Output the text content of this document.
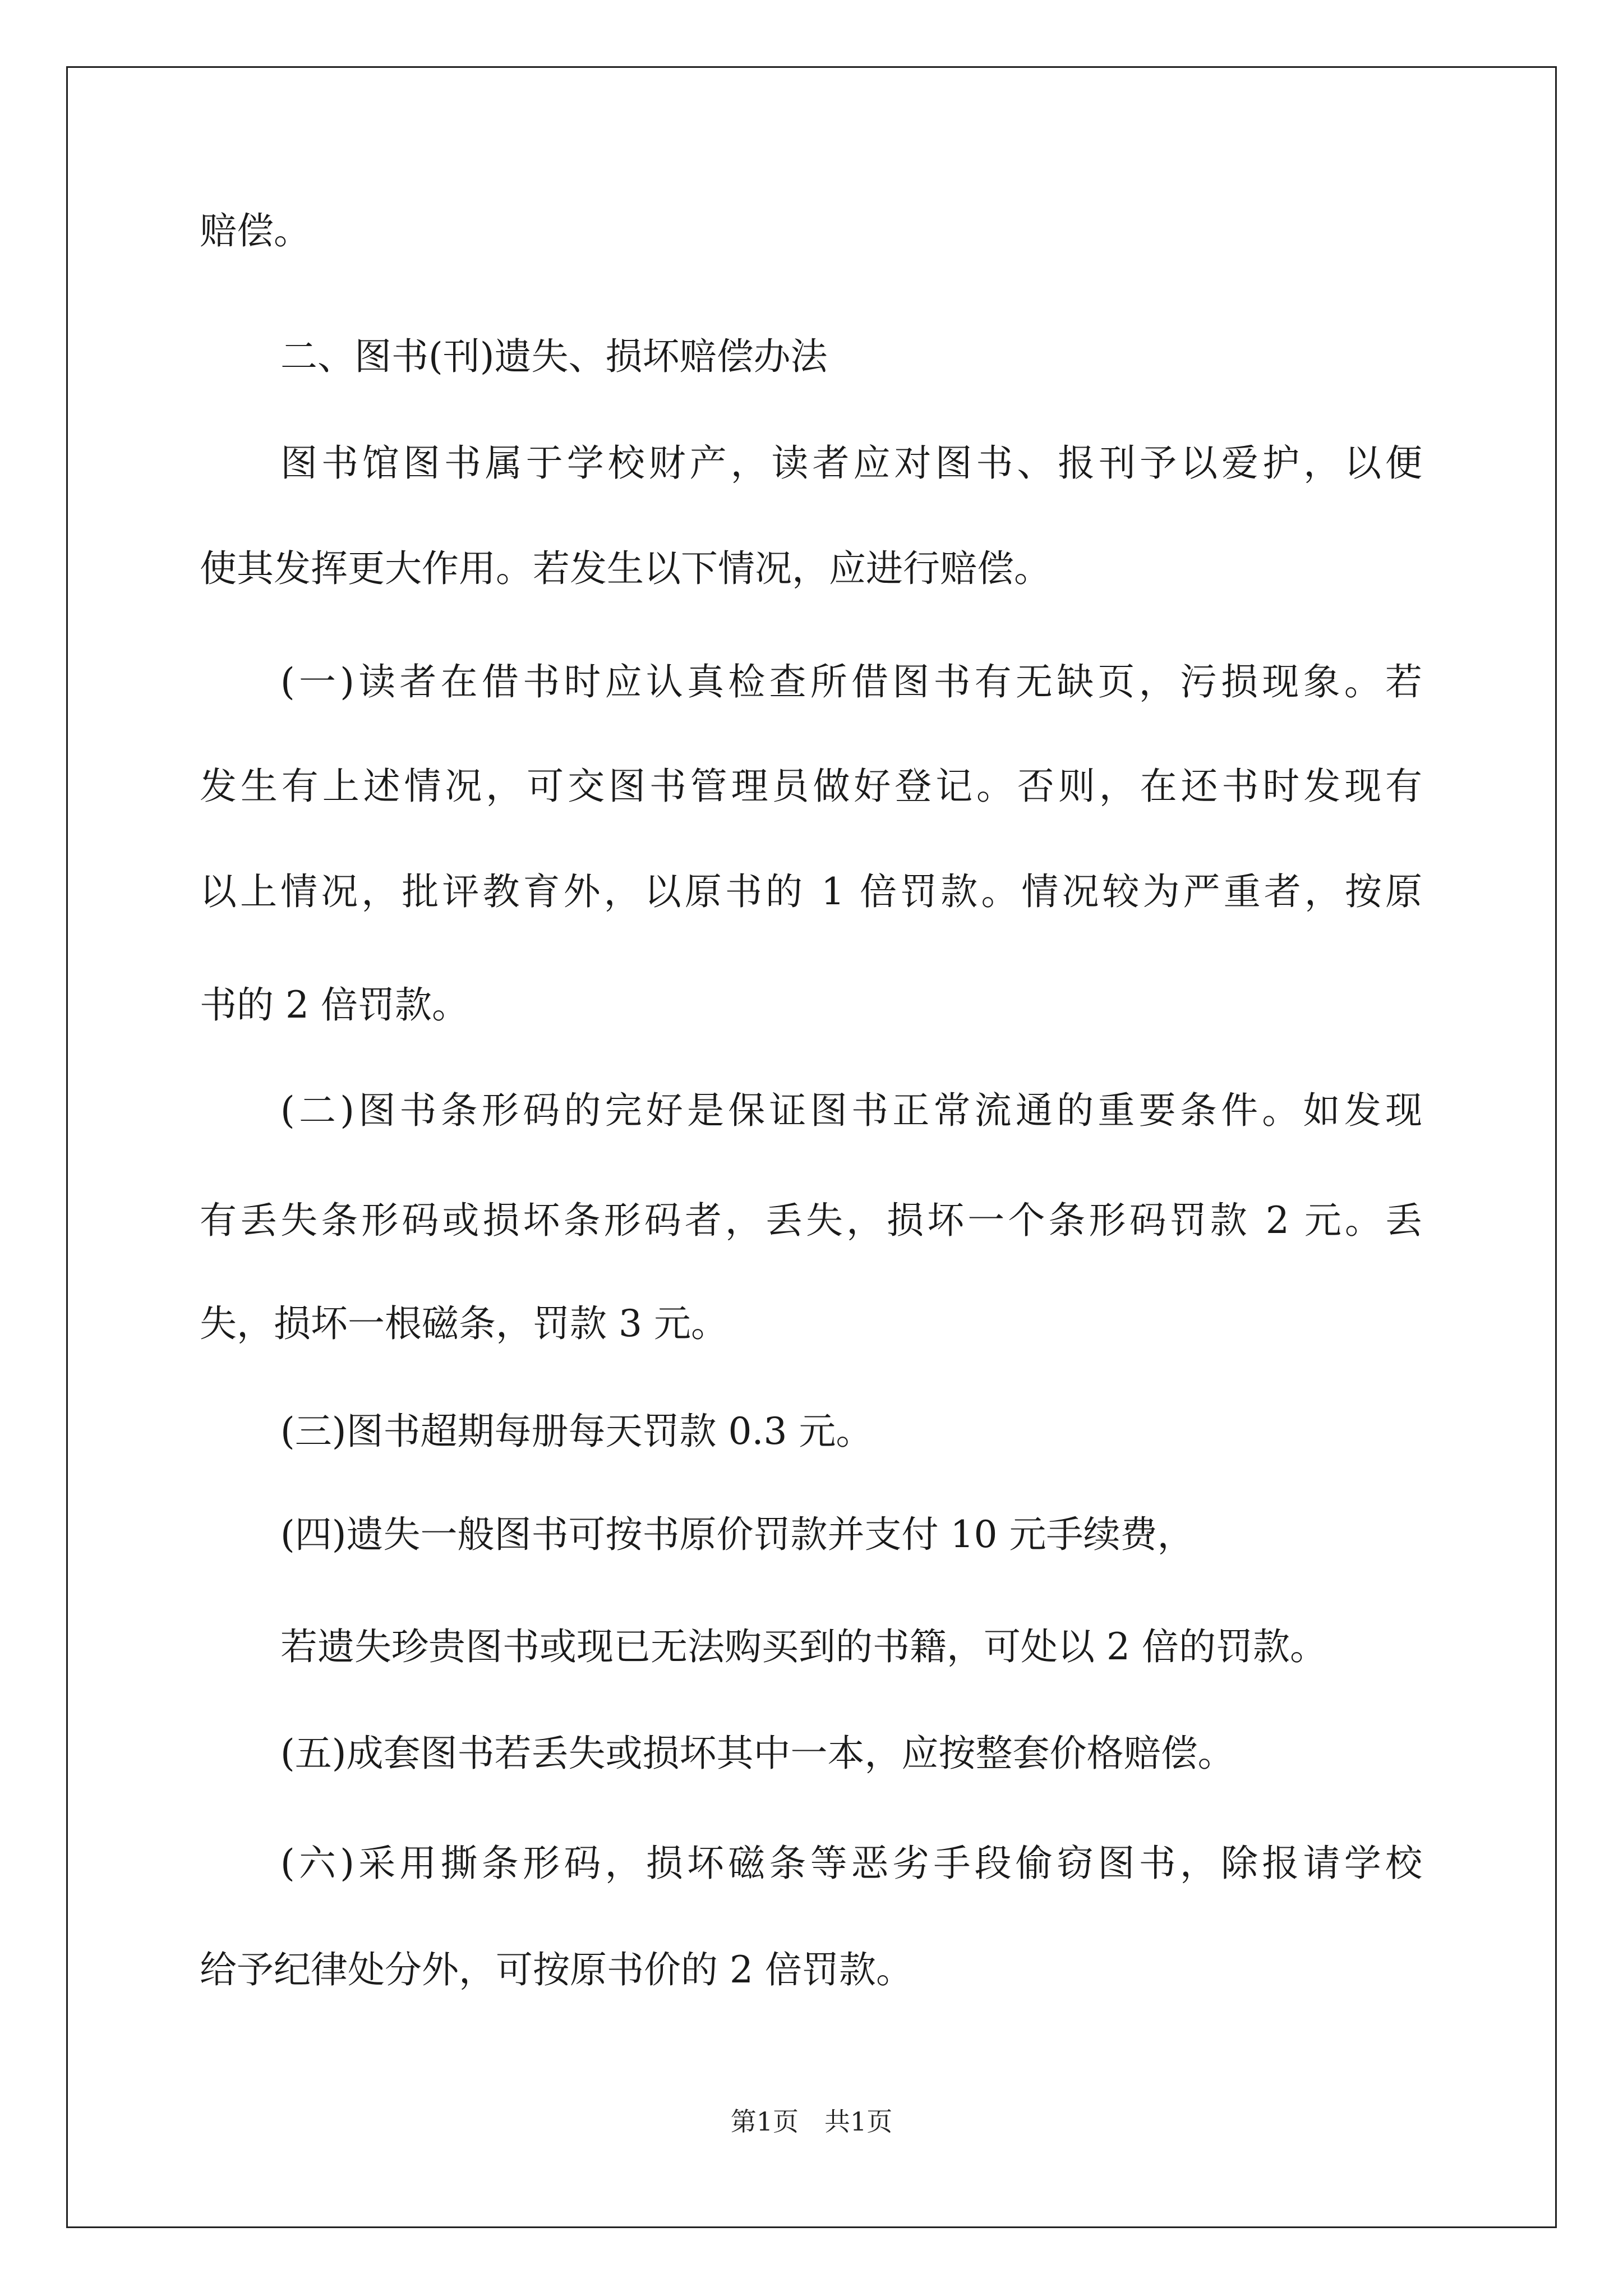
赔偿。
二、图书(刊)遗失、损坏赔偿办法
图书馆图书属于学校财产，读者应对图书、报刊予以爱护，以便
使其发挥更大作用。若发生以下情况，应进行赔偿。
(一)读者在借书时应认真检查所借图书有无缺页，污损现象。若
发生有上述情况，可交图书管理员做好登记。否则，在还书时发现有
以上情况，批评教育外，以原书的 1 倍罚款。情况较为严重者，按原
书的 2 倍罚款。
(二)图书条形码的完好是保证图书正常流通的重要条件。如发现
有丢失条形码或损坏条形码者，丢失，损坏一个条形码罚款 2 元。丢
失，损坏一根磁条，罚款 3 元。
(三)图书超期每册每天罚款 0.3 元。
(四)遗失一般图书可按书原价罚款并支付 10 元手续费，
若遗失珍贵图书或现已无法购买到的书籍，可处以 2 倍的罚款。
(五)成套图书若丢失或损坏其中一本，应按整套价格赔偿。
(六)采用撕条形码，损坏磁条等恶劣手段偷窃图书，除报请学校
给予纪律处分外，可按原书价的 2 倍罚款。
第1页　共1页
